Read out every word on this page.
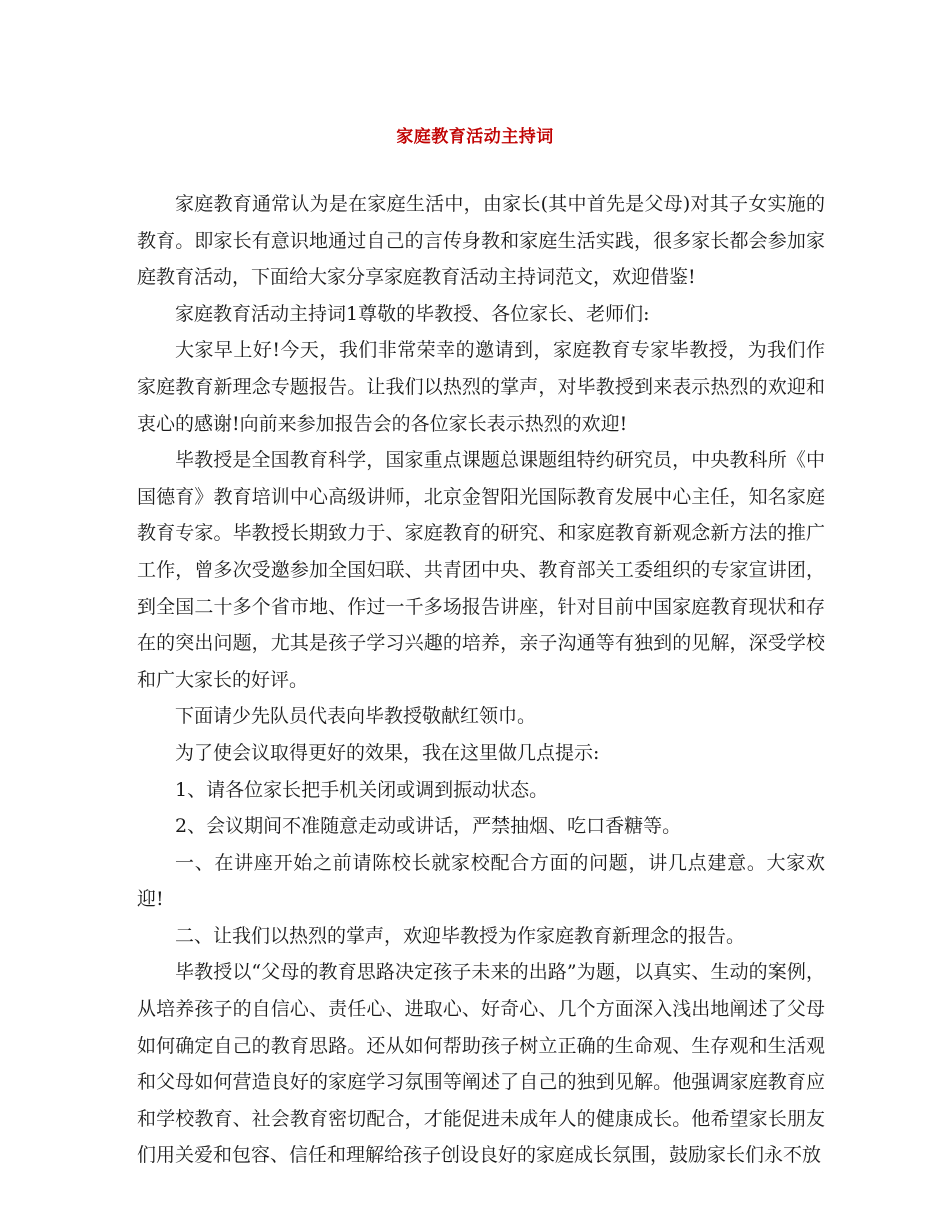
家庭教育活动主持词

家庭教育通常认为是在家庭生活中，由家长(其中首先是父母)对其子女实施的教育。即家长有意识地通过自己的言传身教和家庭生活实践，很多家长都会参加家庭教育活动，下面给大家分享家庭教育活动主持词范文，欢迎借鉴!

家庭教育活动主持词1尊敬的毕教授、各位家长、老师们:

大家早上好!今天，我们非常荣幸的邀请到，家庭教育专家毕教授，为我们作家庭教育新理念专题报告。让我们以热烈的掌声，对毕教授到来表示热烈的欢迎和衷心的感谢!向前来参加报告会的各位家长表示热烈的欢迎!

毕教授是全国教育科学，国家重点课题总课题组特约研究员，中央教科所《中国德育》教育培训中心高级讲师，北京金智阳光国际教育发展中心主任，知名家庭教育专家。毕教授长期致力于、家庭教育的研究、和家庭教育新观念新方法的推广工作，曾多次受邀参加全国妇联、共青团中央、教育部关工委组织的专家宣讲团，到全国二十多个省市地、作过一千多场报告讲座，针对目前中国家庭教育现状和存在的突出问题，尤其是孩子学习兴趣的培养，亲子沟通等有独到的见解，深受学校和广大家长的好评。

下面请少先队员代表向毕教授敬献红领巾。

为了使会议取得更好的效果，我在这里做几点提示:

1、请各位家长把手机关闭或调到振动状态。

2、会议期间不准随意走动或讲话，严禁抽烟、吃口香糖等。

一、在讲座开始之前请陈校长就家校配合方面的问题，讲几点建意。大家欢迎!

二、让我们以热烈的掌声，欢迎毕教授为作家庭教育新理念的报告。

毕教授以“父母的教育思路决定孩子未来的出路”为题，以真实、生动的案例，从培养孩子的自信心、责任心、进取心、好奇心、几个方面深入浅出地阐述了父母如何确定自己的教育思路。还从如何帮助孩子树立正确的生命观、生存观和生活观和父母如何营造良好的家庭学习氛围等阐述了自己的独到见解。他强调家庭教育应和学校教育、社会教育密切配合，才能促进未成年人的健康成长。他希望家长朋友们用关爱和包容、信任和理解给孩子创设良好的家庭成长氛围，鼓励家长们永不放
